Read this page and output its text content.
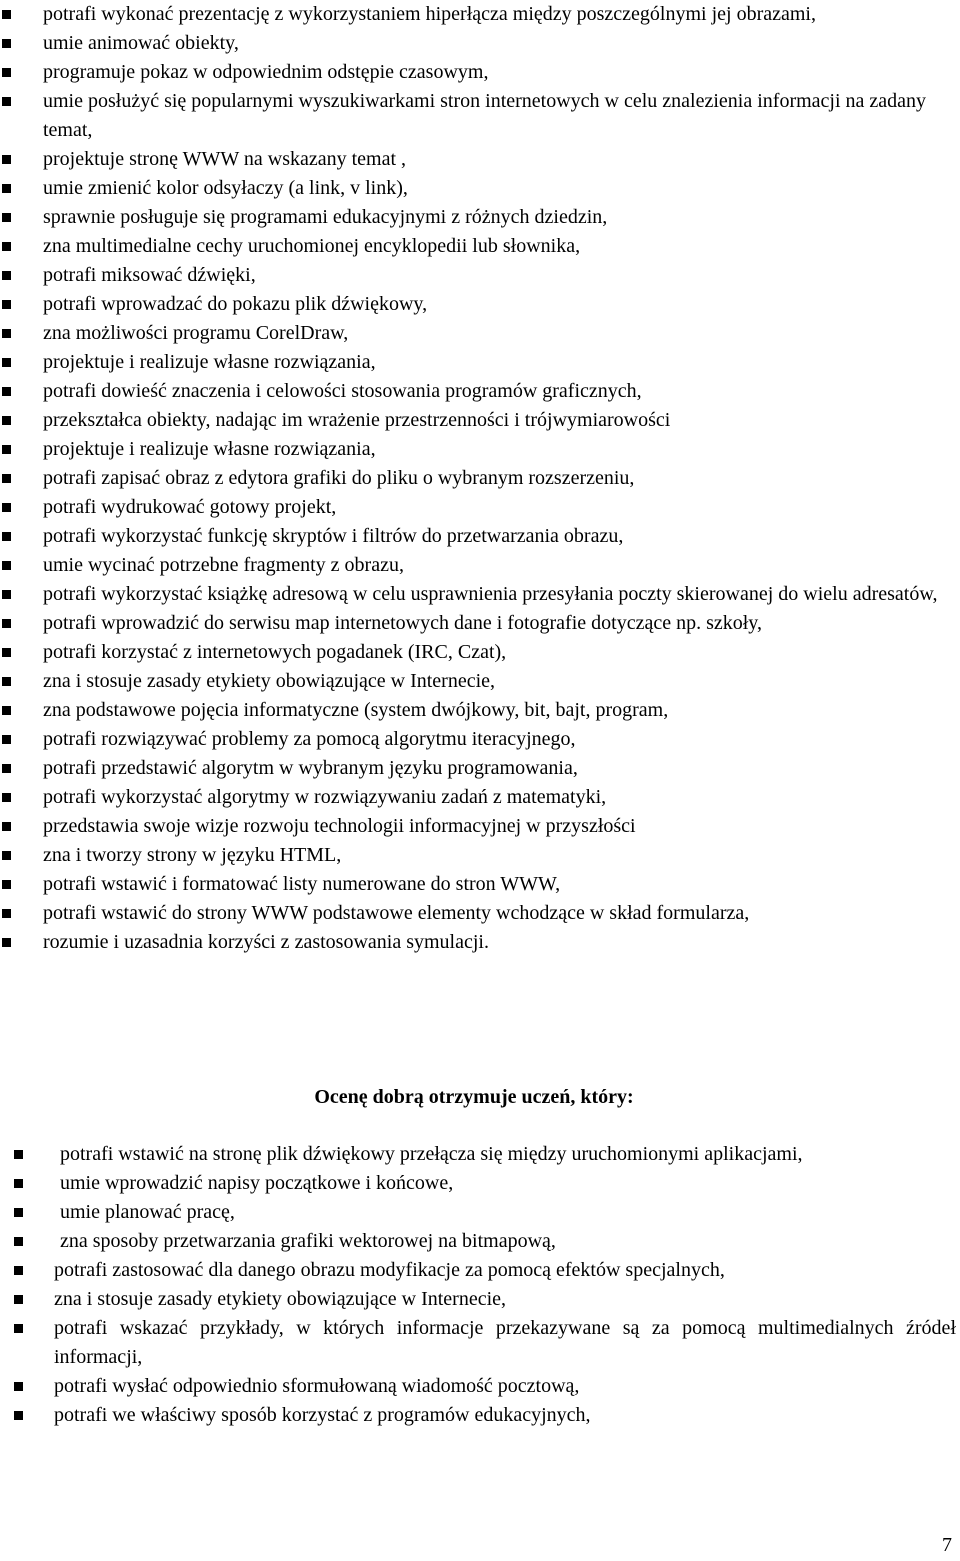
potrafi wykonać prezentację z wykorzystaniem hiperłącza między poszczególnymi jej obrazami,
umie animować obiekty,
programuje pokaz w odpowiednim odstępie czasowym,
umie posłużyć się popularnymi wyszukiwarkami stron internetowych w celu znalezienia informacji na zadany temat,
projektuje stronę WWW na wskazany temat ,
umie zmienić kolor odsyłaczy (a link, v link),
sprawnie posługuje się programami edukacyjnymi z różnych dziedzin,
zna multimedialne cechy uruchomionej encyklopedii lub słownika,
potrafi miksować dźwięki,
potrafi wprowadzać do pokazu plik dźwiękowy,
zna możliwości programu CorelDraw,
projektuje i realizuje własne rozwiązania,
potrafi dowieść znaczenia i celowości stosowania programów graficznych,
przekształca obiekty, nadając im wrażenie przestrzenności i trójwymiarowości
projektuje i realizuje własne rozwiązania,
potrafi zapisać obraz z edytora grafiki do pliku o wybranym rozszerzeniu,
potrafi wydrukować gotowy projekt,
potrafi wykorzystać funkcję skryptów i filtrów do przetwarzania obrazu,
umie wycinać potrzebne fragmenty z obrazu,
potrafi wykorzystać książkę adresową w celu usprawnienia przesyłania poczty skierowanej do wielu adresatów,
potrafi wprowadzić do serwisu map internetowych dane i fotografie dotyczące np. szkoły,
potrafi korzystać z internetowych pogadanek (IRC, Czat),
zna i stosuje zasady etykiety obowiązujące w Internecie,
zna podstawowe pojęcia informatyczne (system dwójkowy, bit, bajt, program,
potrafi rozwiązywać problemy za pomocą algorytmu iteracyjnego,
potrafi przedstawić algorytm w wybranym języku programowania,
potrafi wykorzystać algorytmy w rozwiązywaniu zadań z matematyki,
przedstawia swoje wizje rozwoju technologii informacyjnej w przyszłości
zna i tworzy strony w języku HTML,
potrafi wstawić i formatować listy numerowane do stron WWW,
potrafi wstawić do strony WWW podstawowe elementy wchodzące w skład formularza,
rozumie i uzasadnia korzyści z zastosowania symulacji.
Ocenę dobrą otrzymuje uczeń, który:
potrafi wstawić na stronę plik dźwiękowy przełącza się między uruchomionymi aplikacjami,
umie wprowadzić napisy początkowe i końcowe,
umie planować pracę,
zna sposoby przetwarzania grafiki wektorowej na bitmapową,
potrafi zastosować dla danego obrazu modyfikacje za pomocą efektów specjalnych,
zna i stosuje zasady etykiety obowiązujące w Internecie,
potrafi wskazać przykłady, w których informacje przekazywane są za pomocą multimedialnych źródeł informacji,
potrafi wysłać odpowiednio sformułowaną wiadomość pocztową,
potrafi we właściwy sposób korzystać z programów edukacyjnych,
7
